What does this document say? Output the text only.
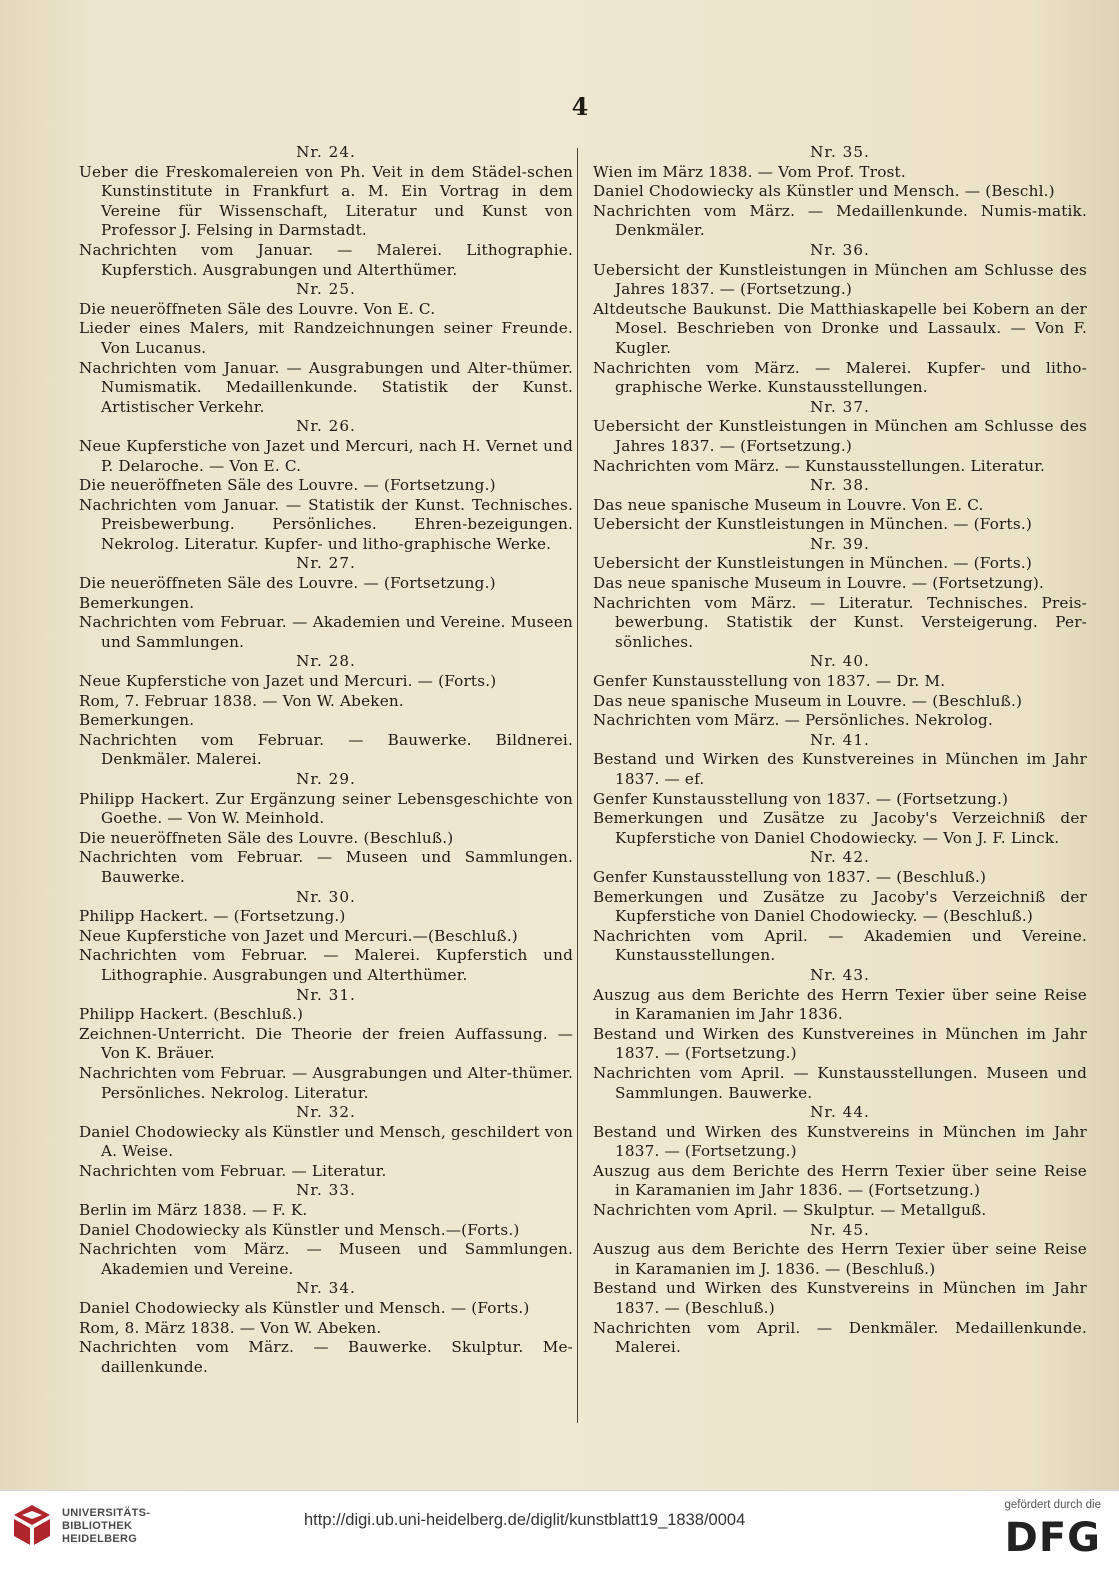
4

Nr. 24.

Ueber die Freskomalereien von Ph. Veit in dem Städel-schen Kunstinstitute in Frankfurt a. M. Ein Vortrag in dem Vereine für Wissenschaft, Literatur und Kunst von Professor J. Felsing in Darmstadt.

Nachrichten vom Januar. — Malerei. Lithographie. Kupferstich. Ausgrabungen und Alterthümer.

Nr. 25.

Die neueröffneten Säle des Louvre. Von E. C.

Lieder eines Malers, mit Randzeichnungen seiner Freunde. Von Lucanus.

Nachrichten vom Januar. — Ausgrabungen und Alter-thümer. Numismatik. Medaillenkunde. Statistik der Kunst. Artistischer Verkehr.

Nr. 26.

Neue Kupferstiche von Jazet und Mercuri, nach H. Vernet und P. Delaroche. — Von E. C.

Die neueröffneten Säle des Louvre. — (Fortsetzung.)

Nachrichten vom Januar. — Statistik der Kunst. Technisches. Preisbewerbung. Persönliches. Ehren-bezeigungen. Nekrolog. Literatur. Kupfer- und litho-graphische Werke.

Nr. 27.

Die neueröffneten Säle des Louvre. — (Fortsetzung.)

Bemerkungen.

Nachrichten vom Februar. — Akademien und Vereine. Museen und Sammlungen.

Nr. 28.

Neue Kupferstiche von Jazet und Mercuri. — (Forts.)

Rom, 7. Februar 1838. — Von W. Abeken.

Bemerkungen.

Nachrichten vom Februar. — Bauwerke. Bildnerei. Denkmäler. Malerei.

Nr. 29.

Philipp Hackert. Zur Ergänzung seiner Lebensgeschichte von Goethe. — Von W. Meinhold.

Die neueröffneten Säle des Louvre. (Beschluß.)

Nachrichten vom Februar. — Museen und Sammlungen. Bauwerke.

Nr. 30.

Philipp Hackert. — (Fortsetzung.)

Neue Kupferstiche von Jazet und Mercuri.—(Beschluß.)

Nachrichten vom Februar. — Malerei. Kupferstich und Lithographie. Ausgrabungen und Alterthümer.

Nr. 31.

Philipp Hackert. (Beschluß.)

Zeichnen-Unterricht. Die Theorie der freien Auffassung. — Von K. Bräuer.

Nachrichten vom Februar. — Ausgrabungen und Alter-thümer. Persönliches. Nekrolog. Literatur.

Nr. 32.

Daniel Chodowiecky als Künstler und Mensch, geschildert von A. Weise.

Nachrichten vom Februar. — Literatur.

Nr. 33.

Berlin im März 1838. — F. K.

Daniel Chodowiecky als Künstler und Mensch.—(Forts.)

Nachrichten vom März. — Museen und Sammlungen. Akademien und Vereine.

Nr. 34.

Daniel Chodowiecky als Künstler und Mensch. — (Forts.)

Rom, 8. März 1838. — Von W. Abeken.

Nachrichten vom März. — Bauwerke. Skulptur. Me-daillenkunde.

Nr. 35.

Wien im März 1838. — Vom Prof. Trost.

Daniel Chodowiecky als Künstler und Mensch. — (Beschl.)

Nachrichten vom März. — Medaillenkunde. Numis-matik. Denkmäler.

Nr. 36.

Uebersicht der Kunstleistungen in München am Schlusse des Jahres 1837. — (Fortsetzung.)

Altdeutsche Baukunst. Die Matthiaskapelle bei Kobern an der Mosel. Beschrieben von Dronke und Lassaulx. — Von F. Kugler.

Nachrichten vom März. — Malerei. Kupfer- und litho-graphische Werke. Kunstausstellungen.

Nr. 37.

Uebersicht der Kunstleistungen in München am Schlusse des Jahres 1837. — (Fortsetzung.)

Nachrichten vom März. — Kunstausstellungen. Literatur.

Nr. 38.

Das neue spanische Museum in Louvre. Von E. C.

Uebersicht der Kunstleistungen in München. — (Forts.)

Nr. 39.

Uebersicht der Kunstleistungen in München. — (Forts.)

Das neue spanische Museum in Louvre. — (Fortsetzung).

Nachrichten vom März. — Literatur. Technisches. Preis-bewerbung. Statistik der Kunst. Versteigerung. Per-sönliches.

Nr. 40.

Genfer Kunstausstellung von 1837. — Dr. M.

Das neue spanische Museum in Louvre. — (Beschluß.)

Nachrichten vom März. — Persönliches. Nekrolog.

Nr. 41.

Bestand und Wirken des Kunstvereines in München im Jahr 1837. — ef.

Genfer Kunstausstellung von 1837. — (Fortsetzung.)

Bemerkungen und Zusätze zu Jacoby's Verzeichniß der Kupferstiche von Daniel Chodowiecky. — Von J. F. Linck.

Nr. 42.

Genfer Kunstausstellung von 1837. — (Beschluß.)

Bemerkungen und Zusätze zu Jacoby's Verzeichniß der Kupferstiche von Daniel Chodowiecky. — (Beschluß.)

Nachrichten vom April. — Akademien und Vereine. Kunstausstellungen.

Nr. 43.

Auszug aus dem Berichte des Herrn Texier über seine Reise in Karamanien im Jahr 1836.

Bestand und Wirken des Kunstvereines in München im Jahr 1837. — (Fortsetzung.)

Nachrichten vom April. — Kunstausstellungen. Museen und Sammlungen. Bauwerke.

Nr. 44.

Bestand und Wirken des Kunstvereins in München im Jahr 1837. — (Fortsetzung.)

Auszug aus dem Berichte des Herrn Texier über seine Reise in Karamanien im Jahr 1836. — (Fortsetzung.)

Nachrichten vom April. — Skulptur. — Metallguß.

Nr. 45.

Auszug aus dem Berichte des Herrn Texier über seine Reise in Karamanien im J. 1836. — (Beschluß.)

Bestand und Wirken des Kunstvereins in München im Jahr 1837. — (Beschluß.)

Nachrichten vom April. — Denkmäler. Medaillenkunde. Malerei.

UNIVERSITÄTS-
BIBLIOTHEK
HEIDELBERG
http://digi.ub.uni-heidelberg.de/diglit/kunstblatt19_1838/0004
gefördert durch die
DFG
